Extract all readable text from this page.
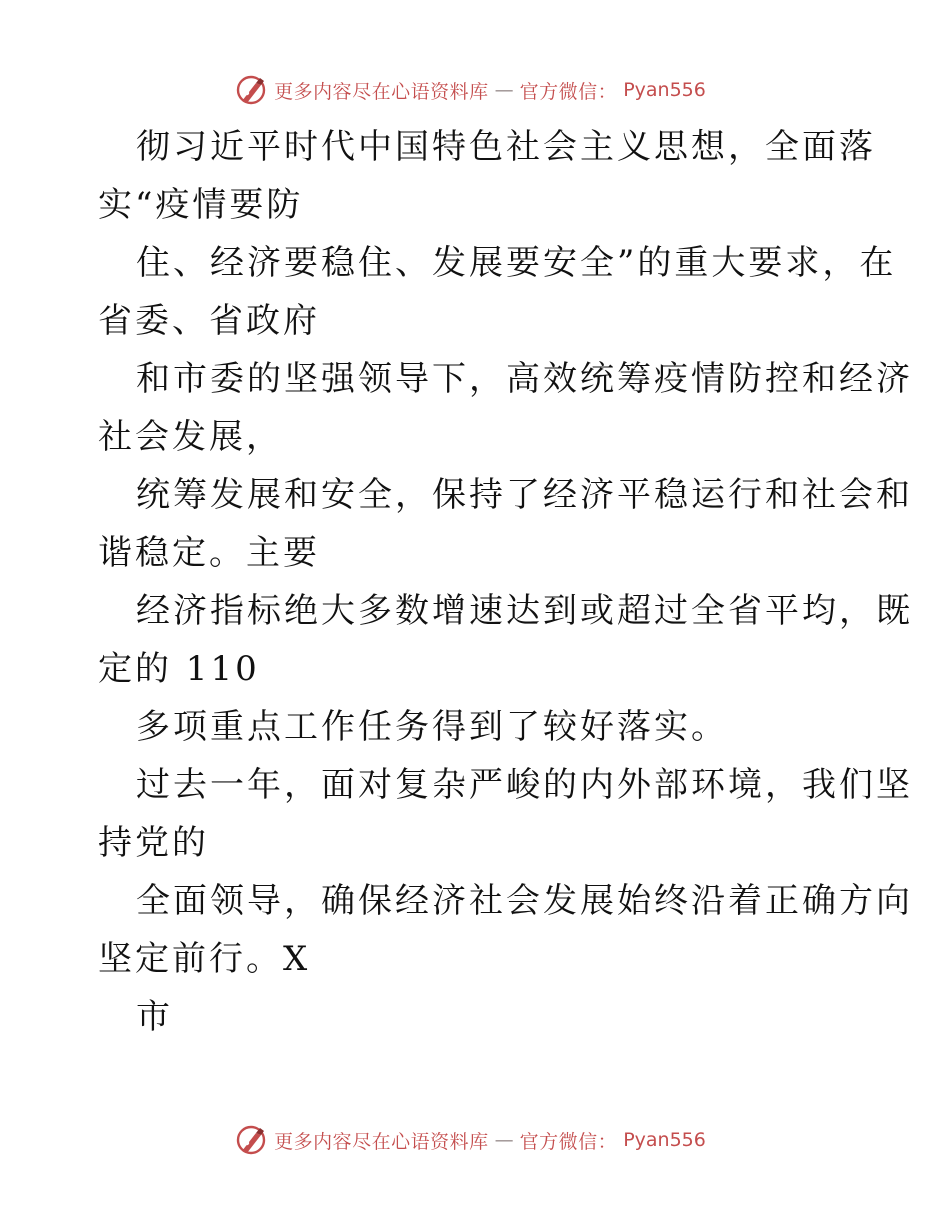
更多内容尽在心语资料库 — 官方微信： Pyan556
彻习近平时代中国特色社会主义思想，全面落
实“疫情要防
住、经济要稳住、发展要安全”的重大要求，在
省委、省政府
和市委的坚强领导下，高效统筹疫情防控和经济
社会发展，
统筹发展和安全，保持了经济平稳运行和社会和
谐稳定。主要
经济指标绝大多数增速达到或超过全省平均，既
定的 110
多项重点工作任务得到了较好落实。
过去一年，面对复杂严峻的内外部环境，我们坚
持党的
全面领导，确保经济社会发展始终沿着正确方向
坚定前行。X
市
更多内容尽在心语资料库 — 官方微信： Pyan556
